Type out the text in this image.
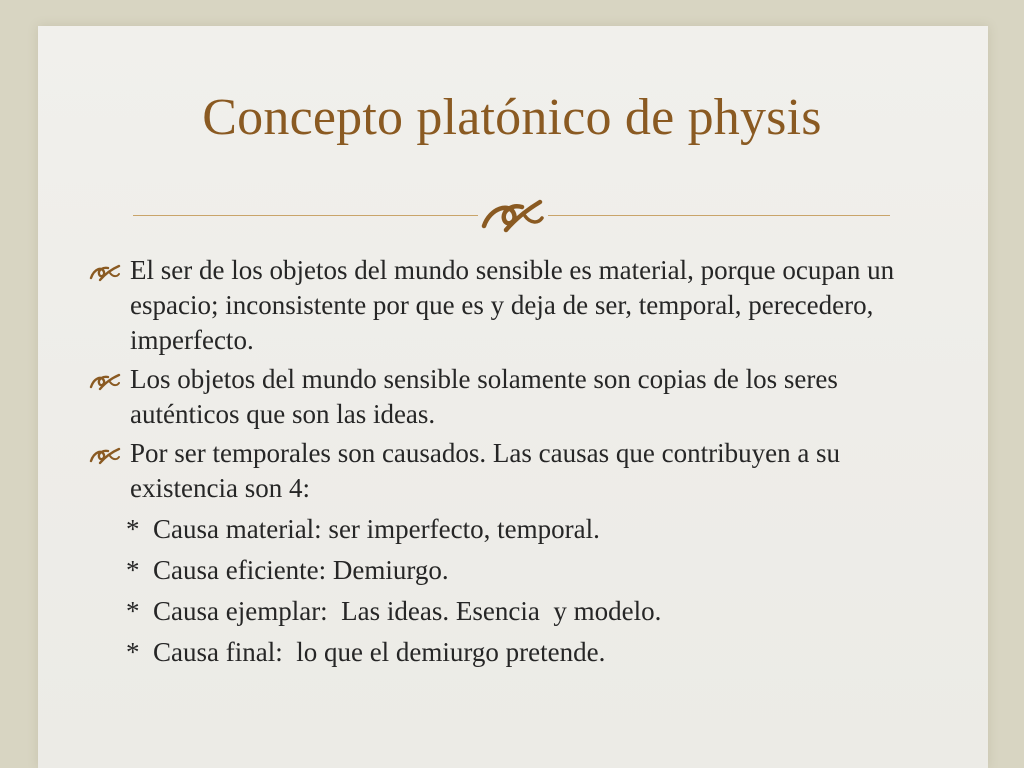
Concepto platónico de physis
El ser de los objetos del mundo sensible es material, porque ocupan un espacio; inconsistente por que es y deja de ser, temporal, perecedero, imperfecto.
Los objetos del mundo sensible solamente son copias de los seres auténticos que son las ideas.
Por ser temporales son causados. Las causas que contribuyen a su existencia son 4:
*  Causa material: ser imperfecto, temporal.
*  Causa eficiente: Demiurgo.
*  Causa ejemplar:  Las ideas. Esencia  y modelo.
*  Causa final:  lo que el demiurgo pretende.
